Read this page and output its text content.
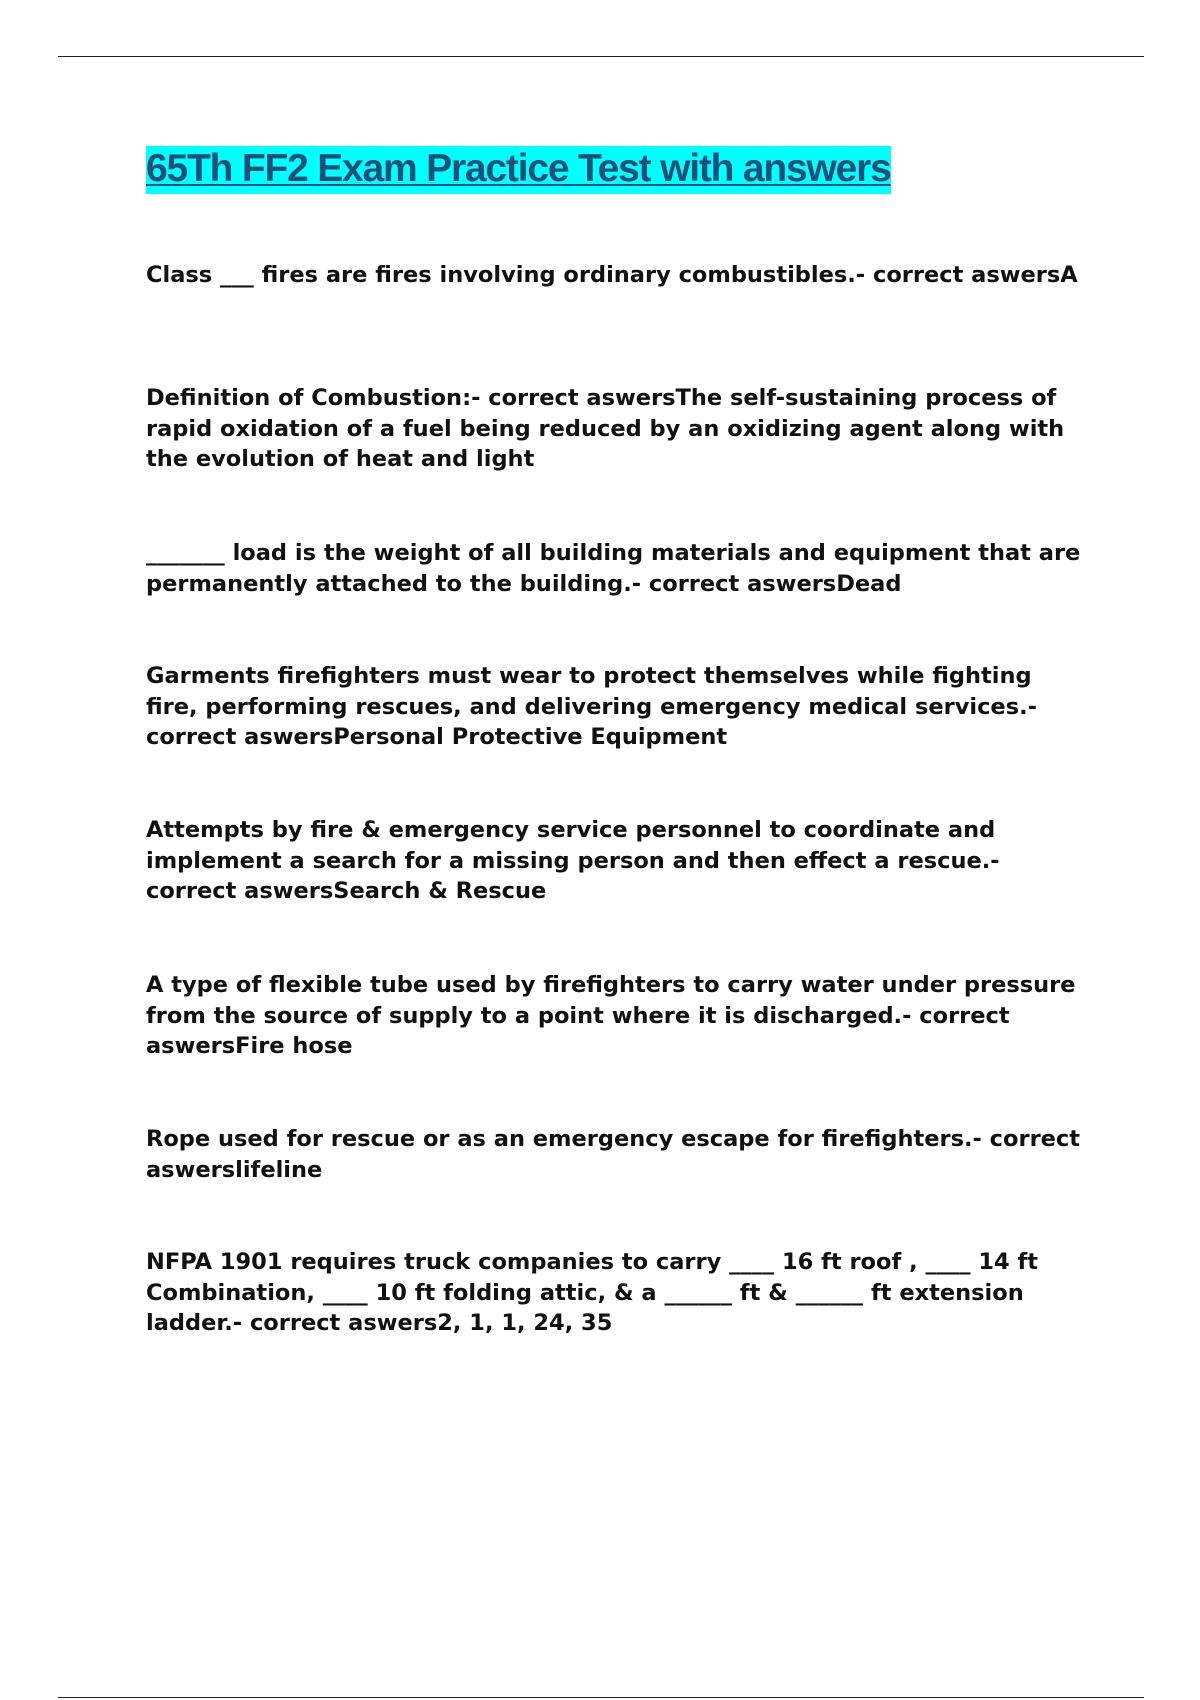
65Th FF2 Exam Practice Test with answers

Class ___ fires are fires involving ordinary combustibles.- correct aswersA

Definition of Combustion:- correct aswersThe self-sustaining process of rapid oxidation of a fuel being reduced by an oxidizing agent along with the evolution of heat and light

_______ load is the weight of all building materials and equipment that are permanently attached to the building.- correct aswersDead

Garments firefighters must wear to protect themselves while fighting fire, performing rescues, and delivering emergency medical services.- correct aswersPersonal Protective Equipment

Attempts by fire & emergency service personnel to coordinate and implement a search for a missing person and then effect a rescue.- correct aswersSearch & Rescue

A type of flexible tube used by firefighters to carry water under pressure from the source of supply to a point where it is discharged.- correct aswersFire hose

Rope used for rescue or as an emergency escape for firefighters.- correct aswerslifeline

NFPA 1901 requires truck companies to carry ____ 16 ft roof , ____ 14 ft Combination, ____ 10 ft folding attic, & a ______ ft & ______ ft extension ladder.- correct aswers2, 1, 1, 24, 35
